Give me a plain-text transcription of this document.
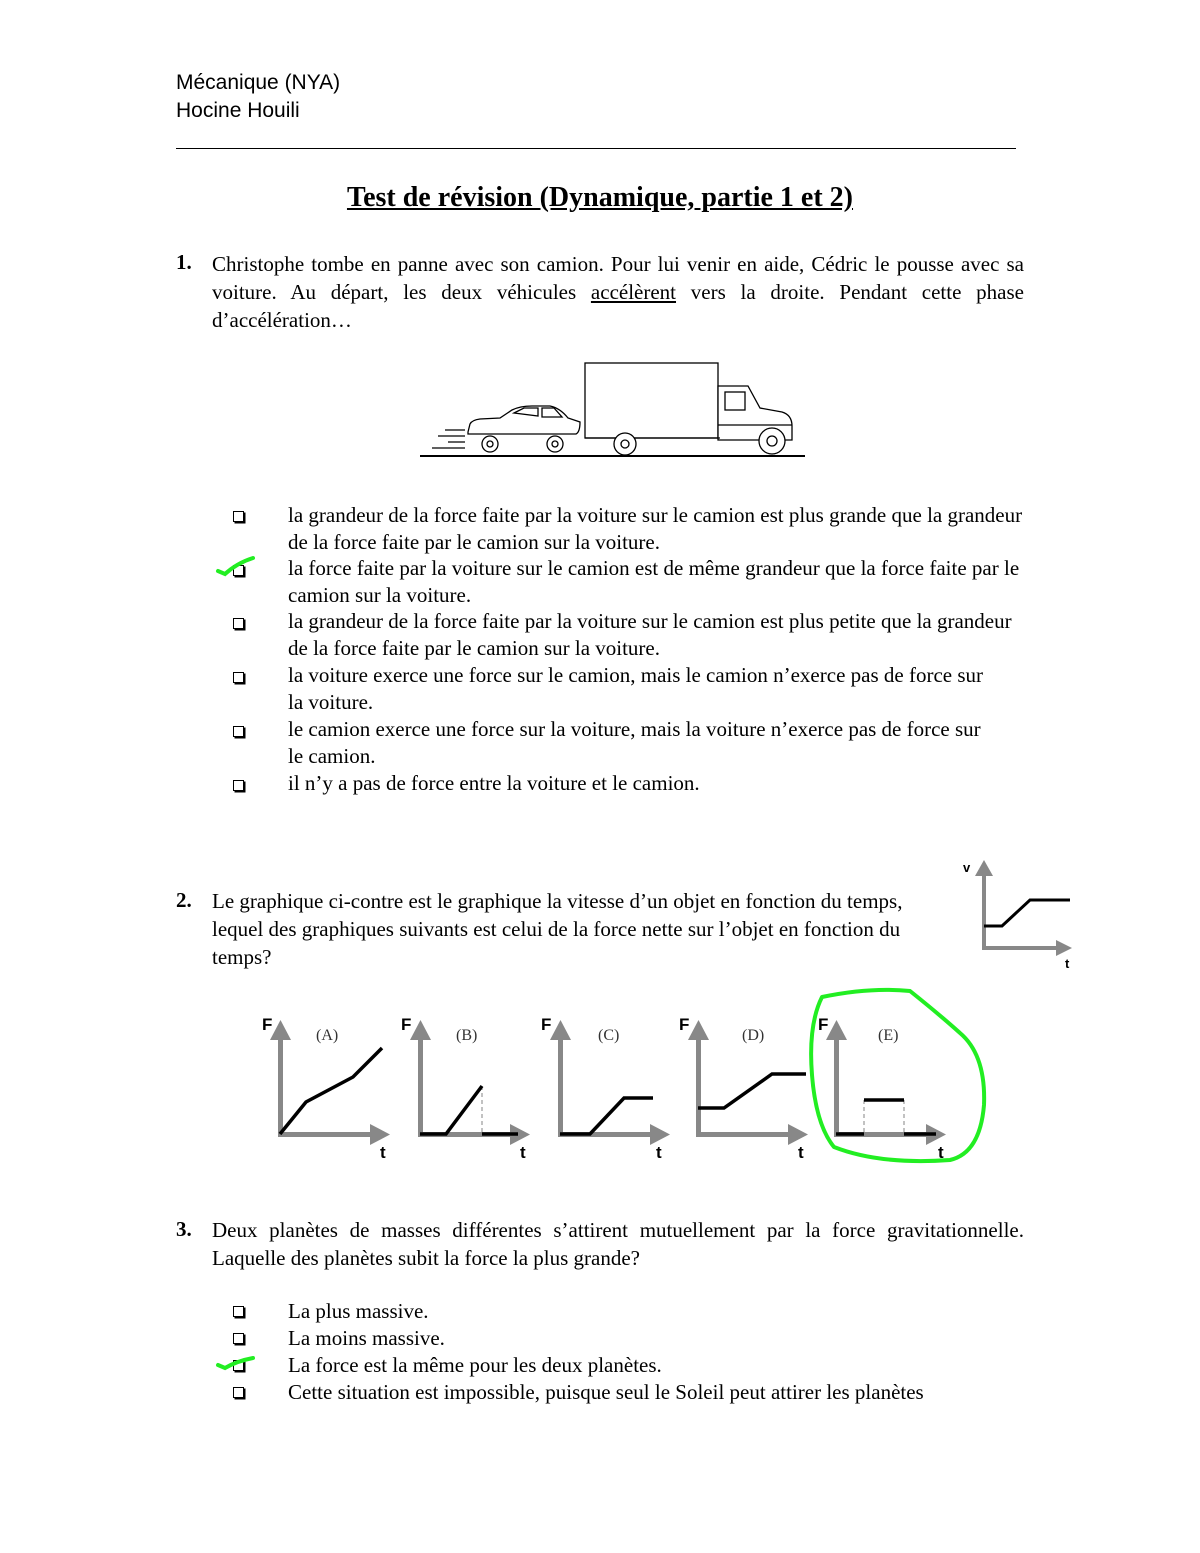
Mécanique (NYA)
Hocine Houili
Test de révision (Dynamique, partie 1 et 2)
1. Christophe tombe en panne avec son camion. Pour lui venir en aide, Cédric le pousse avec sa voiture. Au départ, les deux véhicules accélèrent vers la droite. Pendant cette phase d’accélération…
la grandeur de la force faite par la voiture sur le camion est plus grande que la grandeur de la force faite par le camion sur la voiture.
la force faite par la voiture sur le camion est de même grandeur que la force faite par le camion sur la voiture.
la grandeur de la force faite par la voiture sur le camion est plus petite que la grandeur de la force faite par le camion sur la voiture.
la voiture exerce une force sur le camion, mais le camion n’exerce pas de force sur la voiture.
le camion exerce une force sur la voiture, mais la voiture n’exerce pas de force sur le camion.
il n’y a pas de force entre la voiture et le camion.
2. Le graphique ci-contre est le graphique la vitesse d’un objet en fonction du temps, lequel des graphiques suivants est celui de la force nette sur l’objet en fonction du temps?
v
t
F
(A)
t
F
(B)
t
F
(C)
t
F
(D)
t
F
(E)
t
3. Deux planètes de masses différentes s’attirent mutuellement par la force gravitationnelle. Laquelle des planètes subit la force la plus grande?
La plus massive.
La moins massive.
La force est la même pour les deux planètes.
Cette situation est impossible, puisque seul le Soleil peut attirer les planètes
